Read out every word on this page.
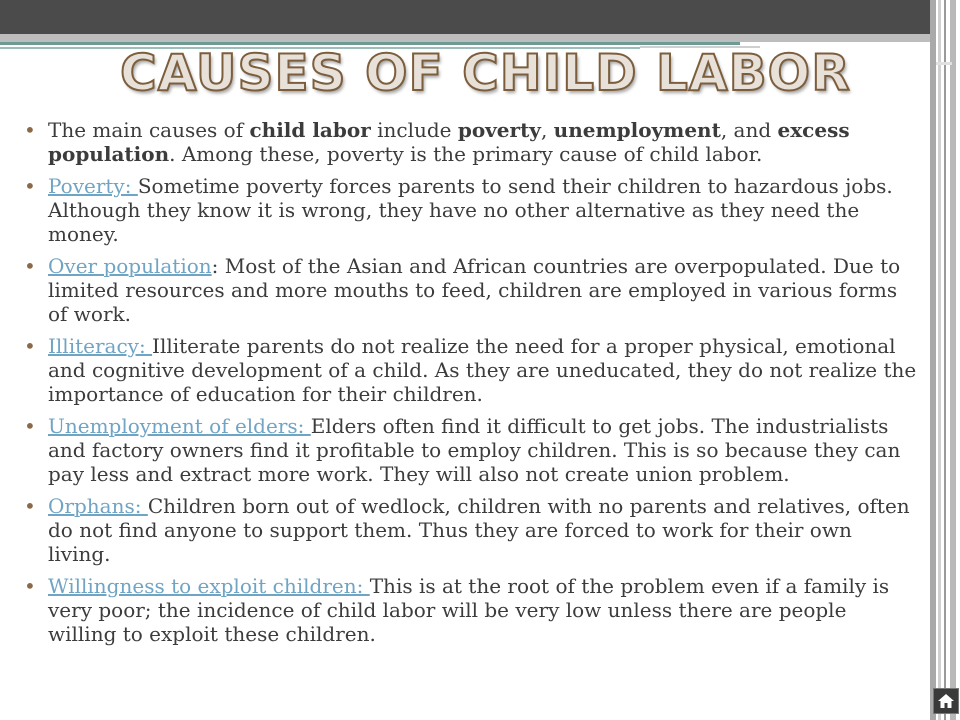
CAUSES OF CHILD LABOR
• The main causes of child labor include poverty, unemployment, and excess population. Among these, poverty is the primary cause of child labor.
• Poverty: Sometime poverty forces parents to send their children to hazardous jobs. Although they know it is wrong, they have no other alternative as they need the money.
• Over population: Most of the Asian and African countries are overpopulated. Due to limited resources and more mouths to feed, children are employed in various forms of work.
• Illiteracy: Illiterate parents do not realize the need for a proper physical, emotional and cognitive development of a child. As they are uneducated, they do not realize the importance of education for their children.
• Unemployment of elders: Elders often find it difficult to get jobs. The industrialists and factory owners find it profitable to employ children. This is so because they can pay less and extract more work. They will also not create union problem.
• Orphans: Children born out of wedlock, children with no parents and relatives, often do not find anyone to support them. Thus they are forced to work for their own living.
• Willingness to exploit children: This is at the root of the problem even if a family is very poor; the incidence of child labor will be very low unless there are people willing to exploit these children.
